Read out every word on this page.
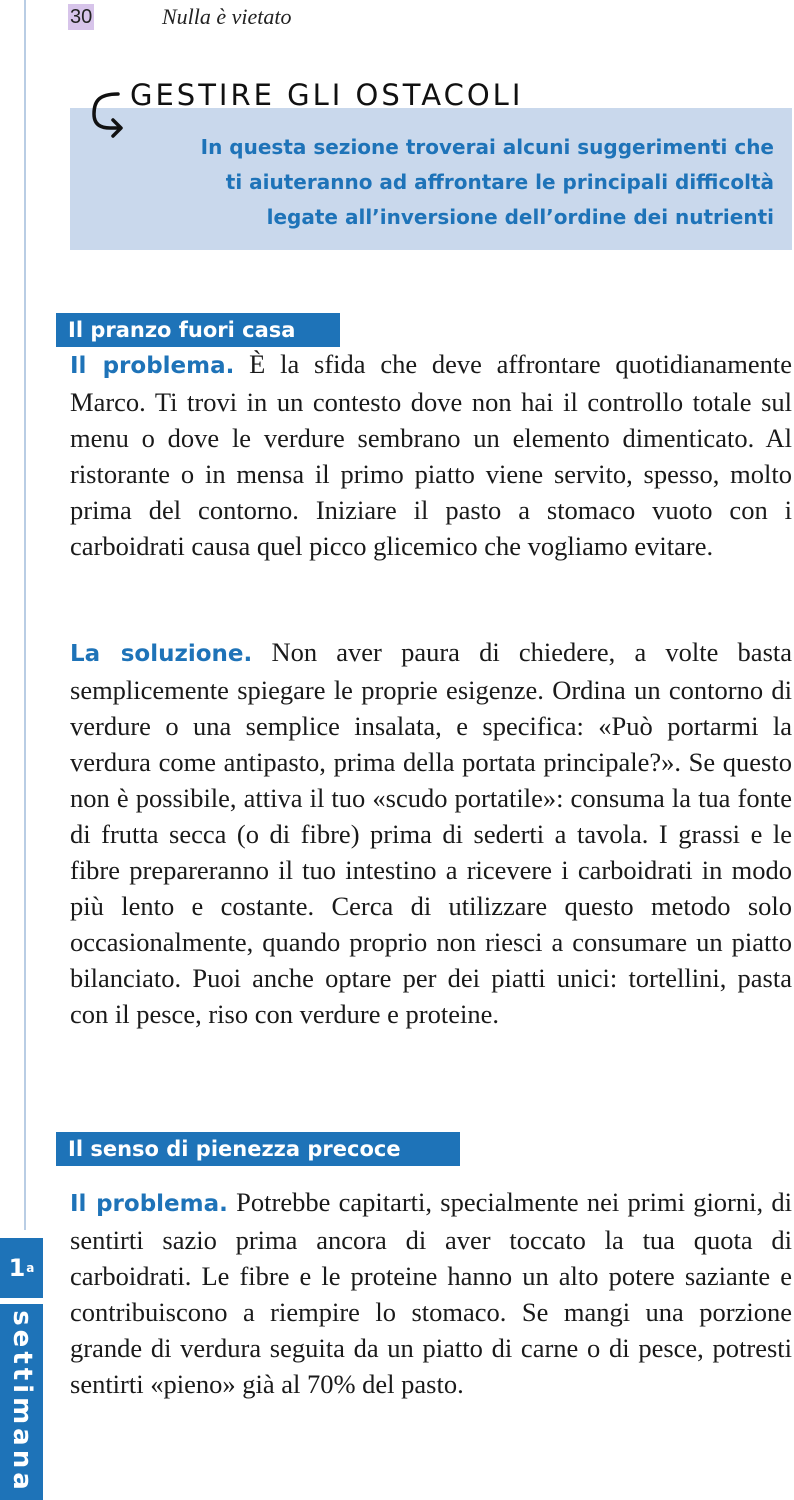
30	Nulla è vietato
In questa sezione troverai alcuni suggerimenti che
ti aiuteranno ad affrontare le principali difficoltà
legate all’inversione dell’ordine dei nutrienti
GESTIRE GLI OSTACOLI
Il pranzo fuori casa

Il problema. È la sfida che deve affrontare quotidianamente Marco. Ti trovi in un contesto dove non hai il controllo totale sul menu o dove le verdure sembrano un elemento dimenticato. Al ristorante o in mensa il primo piatto viene servito, spesso, molto prima del contorno. Iniziare il pasto a stomaco vuoto con i carboidrati causa quel picco glicemico che vogliamo evitare.

La soluzione. Non aver paura di chiedere, a volte basta semplicemente spiegare le proprie esigenze. Ordina un contorno di verdure o una semplice insalata, e specifica: «Può portarmi la verdura come antipasto, prima della portata principale?». Se questo non è possibile, attiva il tuo «scudo portatile»: consuma la tua fonte di frutta secca (o di fibre) prima di sederti a tavola. I grassi e le fibre prepareranno il tuo intestino a ricevere i carboidrati in modo più lento e costante. Cerca di utilizzare questo metodo solo occasionalmente, quando proprio non riesci a consumare un piatto bilanciato. Puoi anche optare per dei piatti unici: tortellini, pasta con il pesce, riso con verdure e proteine.

Il senso di pienezza precoce

Il problema. Potrebbe capitarti, specialmente nei primi giorni, di sentirti sazio prima ancora di aver toccato la tua quota di carboidrati. Le fibre e le proteine hanno un alto potere saziante e contribuiscono a riempire lo stomaco. Se mangi una porzione grande di verdura seguita da un piatto di carne o di pesce, potresti sentirti «pieno» già al 70% del pasto.

1 a
settimana
